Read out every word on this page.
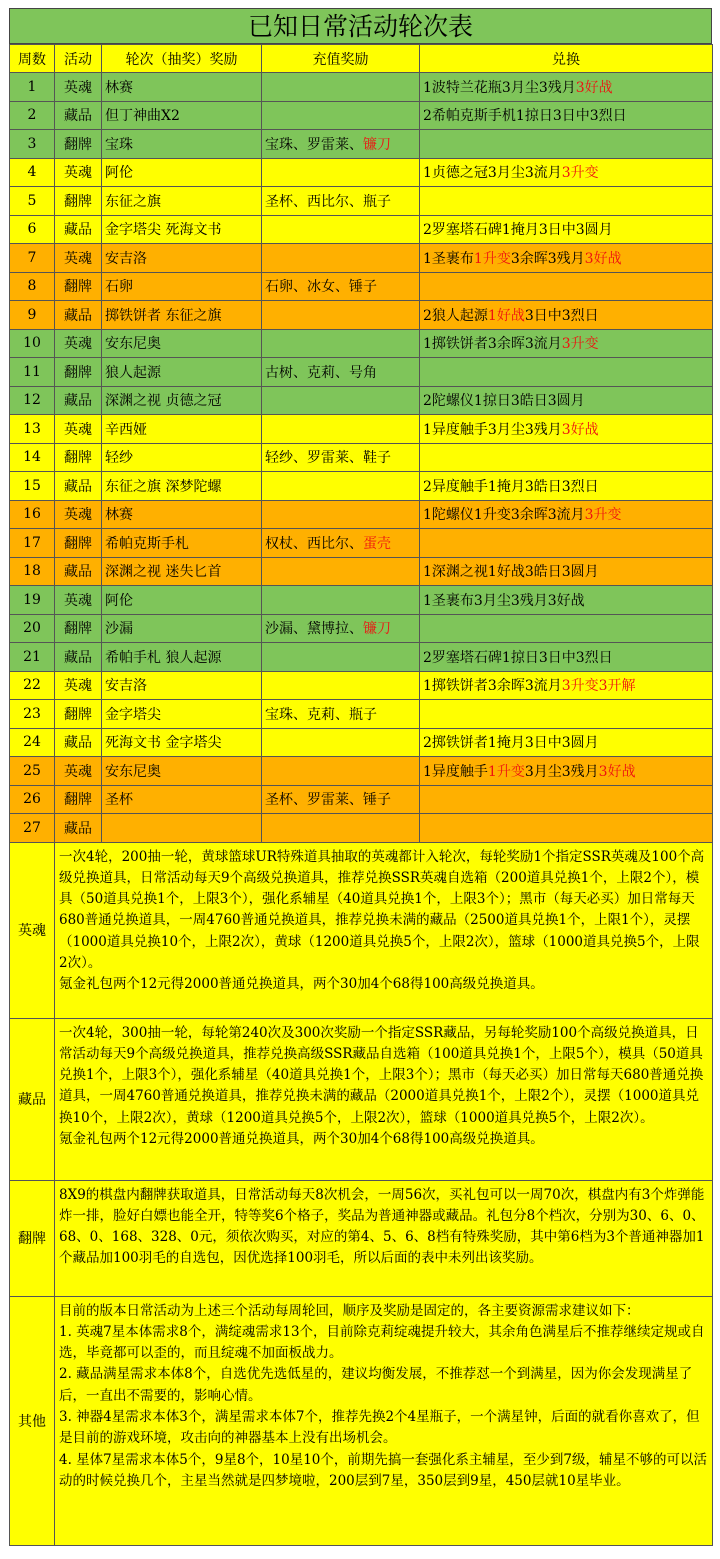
已知日常活动轮次表
周数	活动	轮次（抽奖）奖励	充值奖励	兑换
1	英魂	林赛		1波特兰花瓶3月尘3残月3好战
2	藏品	但丁神曲X2		2希帕克斯手机1掠日3日中3烈日
3	翻牌	宝珠	宝珠、罗雷莱、镰刀	
4	英魂	阿伦		1贞德之冠3月尘3流月3升变
5	翻牌	东征之旗	圣杯、西比尔、瓶子	
6	藏品	金字塔尖 死海文书		2罗塞塔石碑1掩月3日中3圆月
7	英魂	安吉洛		1圣裹布1升变3余晖3残月3好战
8	翻牌	石卵	石卵、冰女、锤子	
9	藏品	掷铁饼者 东征之旗		2狼人起源1好战3日中3烈日
10	英魂	安东尼奥		1掷铁饼者3余晖3流月3升变
11	翻牌	狼人起源	古树、克莉、号角	
12	藏品	深渊之视 贞德之冠		2陀螺仪1掠日3皓日3圆月
13	英魂	辛西娅		1异度触手3月尘3残月3好战
14	翻牌	轻纱	轻纱、罗雷莱、鞋子	
15	藏品	东征之旗 深梦陀螺		2异度触手1掩月3皓日3烈日
16	英魂	林赛		1陀螺仪1升变3余晖3流月3升变
17	翻牌	希帕克斯手札	权杖、西比尔、蛋壳	
18	藏品	深渊之视 迷失匕首		1深渊之视1好战3皓日3圆月
19	英魂	阿伦		1圣裹布3月尘3残月3好战
20	翻牌	沙漏	沙漏、黛博拉、镰刀	
21	藏品	希帕手札 狼人起源		2罗塞塔石碑1掠日3日中3烈日
22	英魂	安吉洛		1掷铁饼者3余晖3流月3升变3开解
23	翻牌	金字塔尖	宝珠、克莉、瓶子	
24	藏品	死海文书 金字塔尖		2掷铁饼者1掩月3日中3圆月
25	英魂	安东尼奥		1异度触手1升变3月尘3残月3好战
26	翻牌	圣杯	圣杯、罗雷莱、锤子	
27	藏品			
英魂	一次4轮，200抽一轮，黄球篮球UR特殊道具抽取的英魂都计入轮次，每轮奖励1个指定SSR英魂及100个高级兑换道具，日常活动每天9个高级兑换道具，推荐兑换SSR英魂自选箱（200道具兑换1个，上限2个），模具（50道具兑换1个，上限3个），强化系辅星（40道具兑换1个，上限3个）；黑市（每天必买）加日常每天680普通兑换道具，一周4760普通兑换道具，推荐兑换未满的藏品（2500道具兑换1个，上限1个），灵摆（1000道具兑换10个，上限2次），黄球（1200道具兑换5个，上限2次），篮球（1000道具兑换5个，上限2次）。

氪金礼包两个12元得2000普通兑换道具，两个30加4个68得100高级兑换道具。			

藏品	一次4轮，300抽一轮，每轮第240次及300次奖励一个指定SSR藏品，另每轮奖励100个高级兑换道具，日常活动每天9个高级兑换道具，推荐兑换高级SSR藏品自选箱（100道具兑换1个，上限5个），模具（50道具兑换1个，上限3个），强化系辅星（40道具兑换1个，上限3个）；黑市（每天必买）加日常每天680普通兑换道具，一周4760普通兑换道具，推荐兑换未满的藏品（2000道具兑换1个，上限2个），灵摆（1000道具兑换10个，上限2次），黄球（1200道具兑换5个，上限2次），篮球（1000道具兑换5个，上限2次）。

氪金礼包两个12元得2000普通兑换道具，两个30加4个68得100高级兑换道具。			

翻牌	8X9的棋盘内翻牌获取道具，日常活动每天8次机会，一周56次，买礼包可以一周70次，棋盘内有3个炸弹能炸一排，脸好白嫖也能全开，特等奖6个格子，奖品为普通神器或藏品。礼包分8个档次，分别为30、6、0、68、0、168、328、0元，须依次购买，对应的第4、5、6、8档有特殊奖励，其中第6档为3个普通神器加1个藏品加100羽毛的自选包，因优选择100羽毛，所以后面的表中未列出该奖励。			

其他	目前的版本日常活动为上述三个活动每周轮回，顺序及奖励是固定的，各主要资源需求建议如下：

1. 英魂7星本体需求8个，满绽魂需求13个，目前除克莉绽魂提升较大，其余角色满星后不推荐继续定规或自选，毕竟都可以歪的，而且绽魂不加面板战力。

2. 藏品满星需求本体8个，自选优先选低星的，建议均衡发展，不推荐怼一个到满星，因为你会发现满星了后，一直出不需要的，影响心情。

3. 神器4星需求本体3个，满星需求本体7个，推荐先换2个4星瓶子，一个满星钟，后面的就看你喜欢了，但是目前的游戏环境，攻击向的神器基本上没有出场机会。

4. 星体7星需求本体5个，9星8个，10星10个，前期先搞一套强化系主辅星，至少到7级，辅星不够的可以活动的时候兑换几个，主星当然就是四梦境啦，200层到7星，350层到9星，450层就10星毕业。			
